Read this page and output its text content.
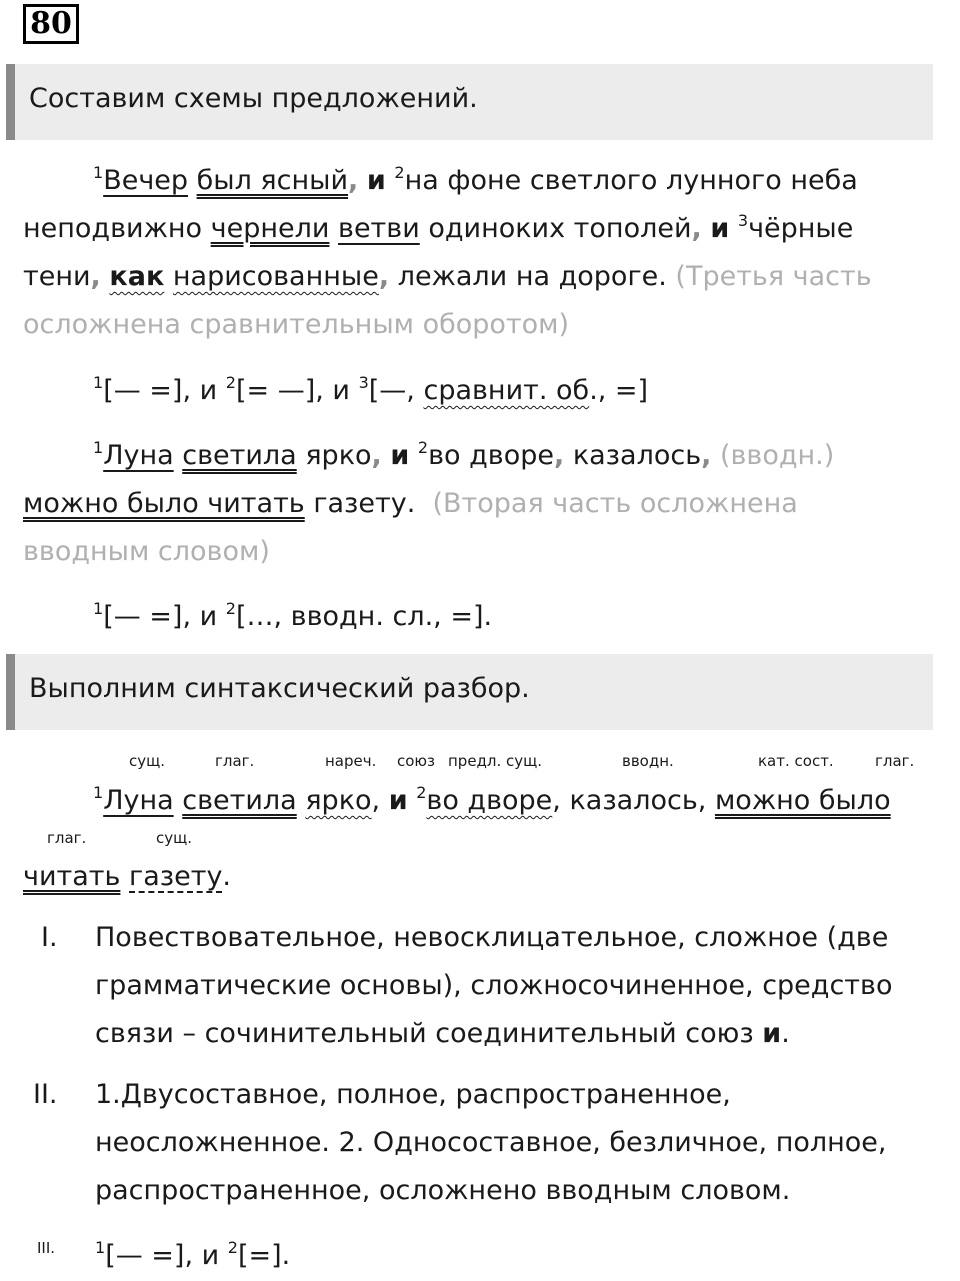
80
Составим схемы предложений.
$^1$Вечер был ясный, и $^2$на фоне светлого лунного неба
неподвижно чернели ветви одиноких тополей, и $^3$чёрные
тени, как нарисованные, лежали на дороге. (Третья часть
осложнена сравнительным оборотом)
$^1$[— =], и $^2$[= —], и $^3$[—, сравнит. об., =]
$^1$Луна светила ярко, и $^2$во дворе, казалось, (вводн.)
можно было читать газету. (Вторая часть осложнена
вводным словом)
$^1$[— =], и $^2$[…, вводн. сл., =].
Выполним синтаксический разбор.
сущ.	глаг.	нареч. союз предл. сущ.	вводн.	кат. сост.	глаг.
$^1$Луна светила ярко, и $^2$во дворе, казалось, можно было
глаг.	сущ.
читать газету.
I. Повествовательное, невосклицательное, сложное (две
грамматические основы), сложносочиненное, средство
связи – сочинительный соединительный союз и.
II. 1.Двусоставное, полное, распространенное,
неосложненное. 2. Односоставное, безличное, полное,
распространенное, осложнено вводным словом.
III. $^1$[— =], и $^2$[=].
